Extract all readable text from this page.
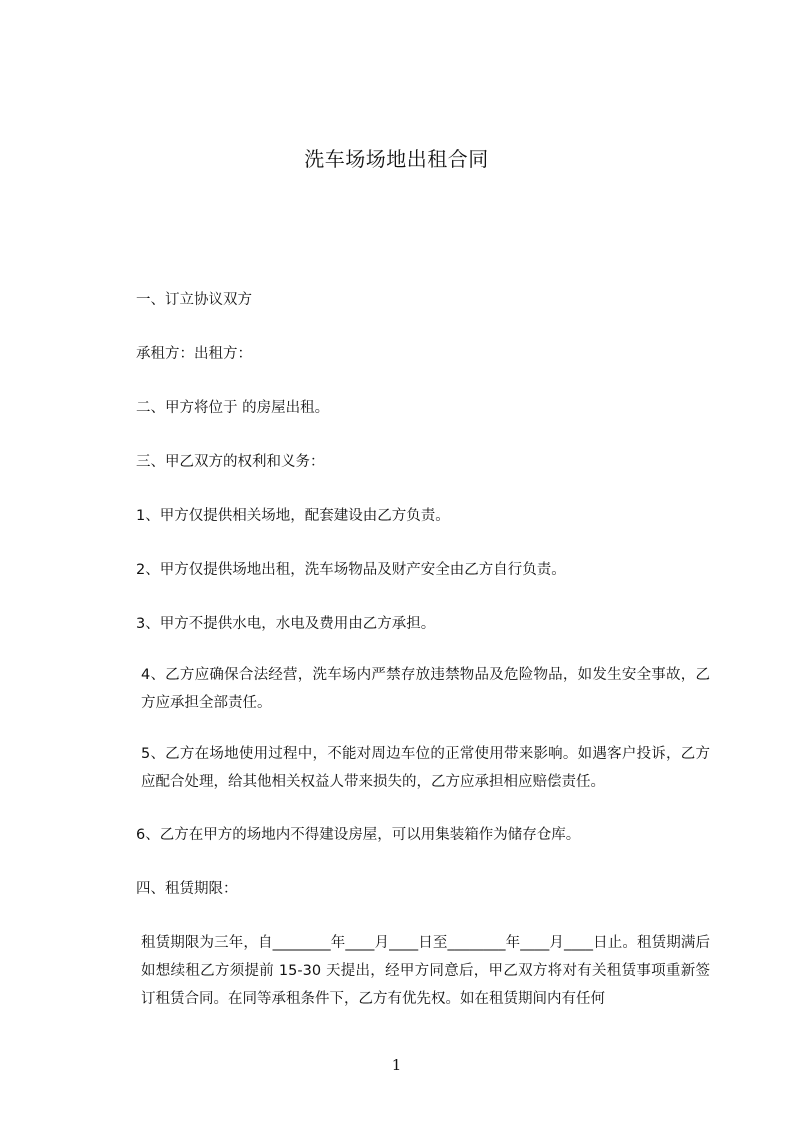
洗车场场地出租合同

一、订立协议双方

承租方：出租方：

二、甲方将位于 的房屋出租。

三、甲乙双方的权利和义务：

1、甲方仅提供相关场地，配套建设由乙方负责。

2、甲方仅提供场地出租，洗车场物品及财产安全由乙方自行负责。

3、甲方不提供水电，水电及费用由乙方承担。

4、乙方应确保合法经营，洗车场内严禁存放违禁物品及危险物品，如发生安全事故，乙方应承担全部责任。

5、乙方在场地使用过程中，不能对周边车位的正常使用带来影响。如遇客户投诉，乙方应配合处理，给其他相关权益人带来损失的，乙方应承担相应赔偿责任。

6、乙方在甲方的场地内不得建设房屋，可以用集装箱作为储存仓库。

四、租赁期限：

租赁期限为三年，自________年____月____日至________年____月____日止。租赁期满后如想续租乙方须提前 15-30 天提出，经甲方同意后，甲乙双方将对有关租赁事项重新签订租赁合同。在同等承租条件下，乙方有优先权。如在租赁期间内有任何

1
